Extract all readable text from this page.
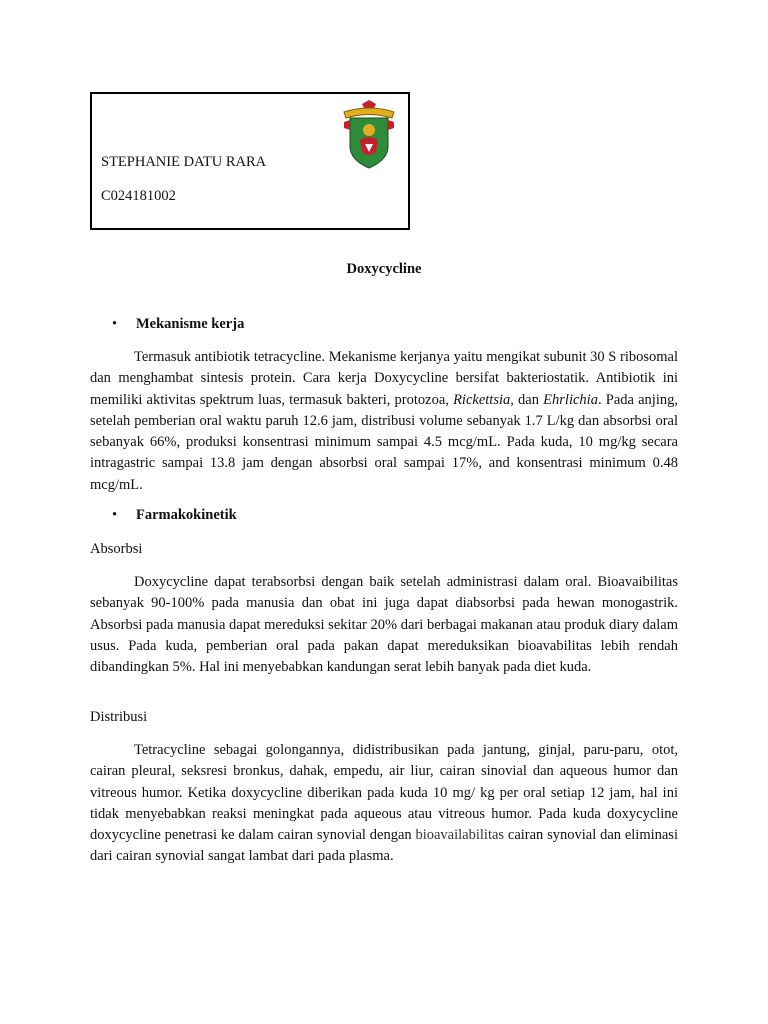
STEPHANIE DATU RARA
C024181002
Doxycycline
• Mekanisme kerja

Termasuk antibiotik tetracycline. Mekanisme kerjanya yaitu mengikat subunit 30 S ribosomal dan menghambat sintesis protein. Cara kerja Doxycycline bersifat bakteriostatik. Antibiotik ini memiliki aktivitas spektrum luas, termasuk bakteri, protozoa, Rickettsia, dan Ehrlichia. Pada anjing, setelah pemberian oral waktu paruh 12.6 jam, distribusi volume sebanyak 1.7 L/kg dan absorbsi oral sebanyak 66%, produksi konsentrasi minimum sampai 4.5 mcg/mL. Pada kuda, 10 mg/kg secara intragastric sampai 13.8 jam dengan absorbsi oral sampai 17%, and konsentrasi minimum 0.48 mcg/mL.

• Farmakokinetik
Absorbsi

Doxycycline dapat terabsorbsi dengan baik setelah administrasi dalam oral. Bioavaibilitas sebanyak 90-100% pada manusia dan obat ini juga dapat diabsorbsi pada hewan monogastrik. Absorbsi pada manusia dapat mereduksi sekitar 20% dari berbagai makanan atau produk diary dalam usus. Pada kuda, pemberian oral pada pakan dapat mereduksikan bioavabilitas lebih rendah dibandingkan 5%. Hal ini menyebabkan kandungan serat lebih banyak pada diet kuda.

Distribusi

Tetracycline sebagai golongannya, didistribusikan pada jantung, ginjal, paru-paru, otot, cairan pleural, seksresi bronkus, dahak, empedu, air liur, cairan sinovial dan aqueous humor dan vitreous humor. Ketika doxycycline diberikan pada kuda 10 mg/ kg per oral setiap 12 jam, hal ini tidak menyebabkan reaksi meningkat pada aqueous atau vitreous humor. Pada kuda doxycycline doxycycline penetrasi ke dalam cairan synovial dengan bioavailabilitas cairan synovial dan eliminasi dari cairan synovial sangat lambat dari pada plasma.
